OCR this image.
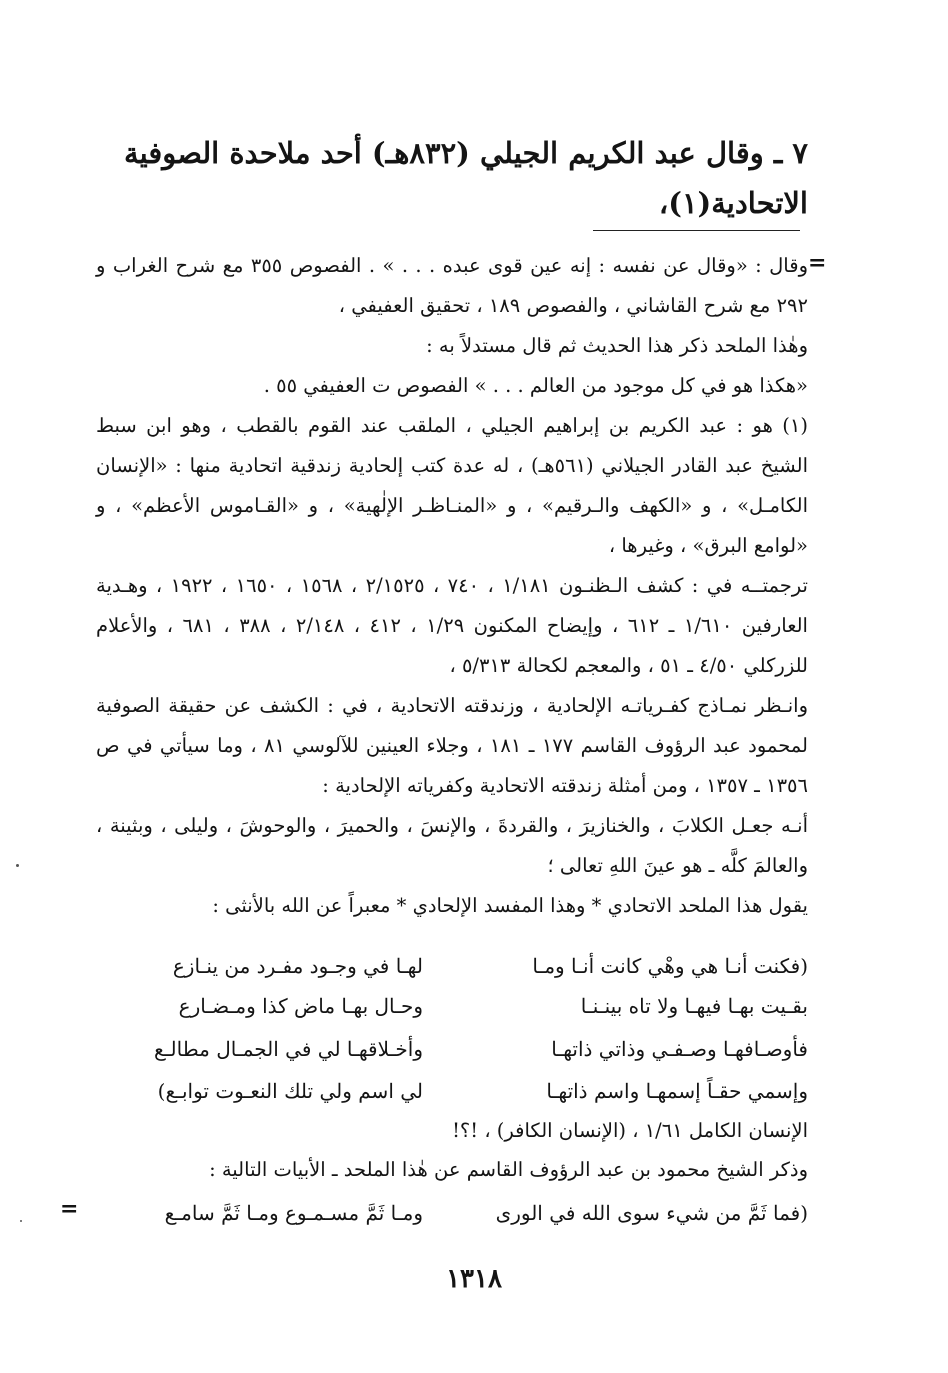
٧ ـ وقال عبد الكريم الجيلي (٨٣٢هـ) أحد ملاحدة الصوفية
الاتحادية(١)،
=

وقال : «وقال عن نفسه : إنه عين قوى عبده . . . » . الفصوص ٣٥٥ مع شرح الغراب و ٢٩٢ مع شرح القاشاني ، والفصوص ١٨٩ ، تحقيق العفيفي ،

وهٰذا الملحد ذكر هذا الحديث ثم قال مستدلاً به :

«هكذا هو في كل موجود من العالم . . . » الفصوص ت العفيفي ٥٥ .

(١) هو : عبد الكريم بن إبراهيم الجيلي ، الملقب عند القوم بالقطب ، وهو ابن سبط الشيخ عبد القادر الجيلاني (٥٦١هـ) ، له عدة كتب إلحادية زندقية اتحادية منها : «الإنسان الكامـل» ، و «الكهف والـرقيم» ، و «المنـاظـر الإلٰهية» ، و «القـاموس الأعظم» ، و «لوامع البرق» ، وغيرها ،

ترجمتــه في : كشف الـظنـون ١/١٨١ ، ٧٤٠ ، ٢/١٥٢٥ ، ١٥٦٨ ، ١٦٥٠ ، ١٩٢٢ ، وهـدية العارفين ١/٦١٠ ـ ٦١٢ ، وإيضاح المكنون ١/٢٩ ، ٤١٢ ، ٢/١٤٨ ، ٣٨٨ ، ٦٨١ ، والأعلام للزركلي ٤/٥٠ ـ ٥١ ، والمعجم لكحالة ٥/٣١٣ ،

وانـظر نمـاذج كفـرياتـه الإلحادية ، وزندقته الاتحادية ، في : الكشف عن حقيقة الصوفية لمحمود عبد الرؤوف القاسم ١٧٧ ـ ١٨١ ، وجلاء العينين للآلوسي ٨١ ، وما سيأتي في ص ١٣٥٦ ـ ١٣٥٧ ، ومن أمثلة زندقته الاتحادية وكفرياته الإلحادية :

أنـه جعـل الكلابَ ، والخنازيرَ ، والقردةَ ، والإنسَ ، والحميرَ ، والوحوشَ ، وليلى ، وبثينة ، والعالمَ كلَّه ـ هو عينَ اللهِ تعالى ؛

يقول هذا الملحد الاتحادي * وهذا المفسد الإلحادي * معبراً عن الله بالأنثى :

(فكنت أنـا هي وهْي كانت أنـا ومـا
لهـا في وجـود مفـرد من ينـازع
بقـيت بهـا فيهـا ولا تاه بينـنـا
وحـال بهـا ماض كذا ومـضـارع
فأوصـافهـا وصـفـي وذاتي ذاتهـا
وأخـلاقهـا لي في الجمـال مطالـع
وإسمي حقـاً إسمهـا واسم ذاتهـا
لي اسم ولي تلك النعـوت توابـع)

الإنسان الكامل ١/٦١ ، (الإنسان الكافر) ، !؟!

وذكر الشيخ محمود بن عبد الرؤوف القاسم عن هٰذا الملحد ـ الأبيات التالية :

(فما ثَمَّ من شيء سوى الله في الورى
ومـا ثَمَّ مسـمـوع ومـا ثَمَّ سامـع
=
١٣١٨
